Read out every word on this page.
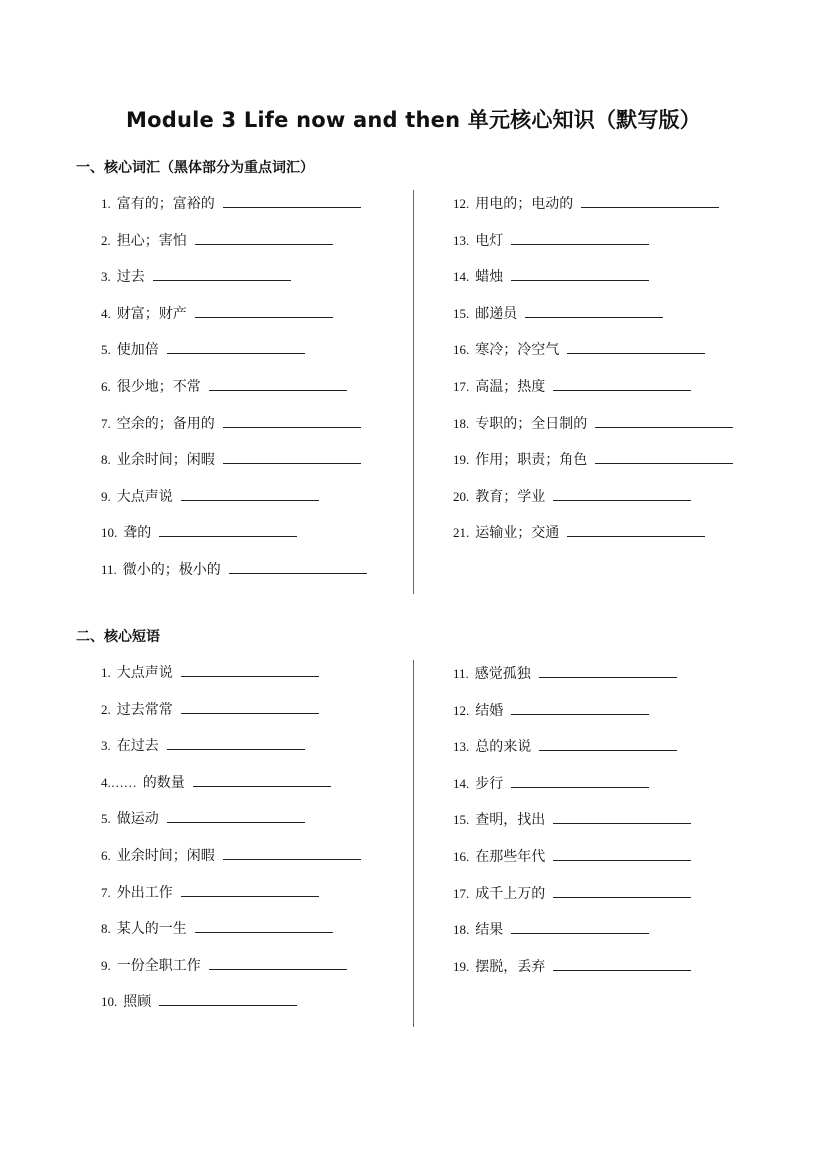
Module 3 Life now and then 单元核心知识（默写版）
一、核心词汇（黑体部分为重点词汇）
1. 富有的；富裕的
2. 担心；害怕
3. 过去
4. 财富；财产
5. 使加倍
6. 很少地；不常
7. 空余的；备用的
8. 业余时间；闲暇
9. 大点声说
10. 聋的
11. 微小的；极小的
12. 用电的；电动的
13. 电灯
14. 蜡烛
15. 邮递员
16. 寒冷；冷空气
17. 高温；热度
18. 专职的；全日制的
19. 作用；职责；角色
20. 教育；学业
21. 运输业；交通
二、核心短语
1. 大点声说
2. 过去常常
3. 在过去
4.…… 的数量
5. 做运动
6. 业余时间；闲暇
7. 外出工作
8. 某人的一生
9. 一份全职工作
10. 照顾
11. 感觉孤独
12. 结婚
13. 总的来说
14. 步行
15. 查明，找出
16. 在那些年代
17. 成千上万的
18. 结果
19. 摆脱，丢弃
